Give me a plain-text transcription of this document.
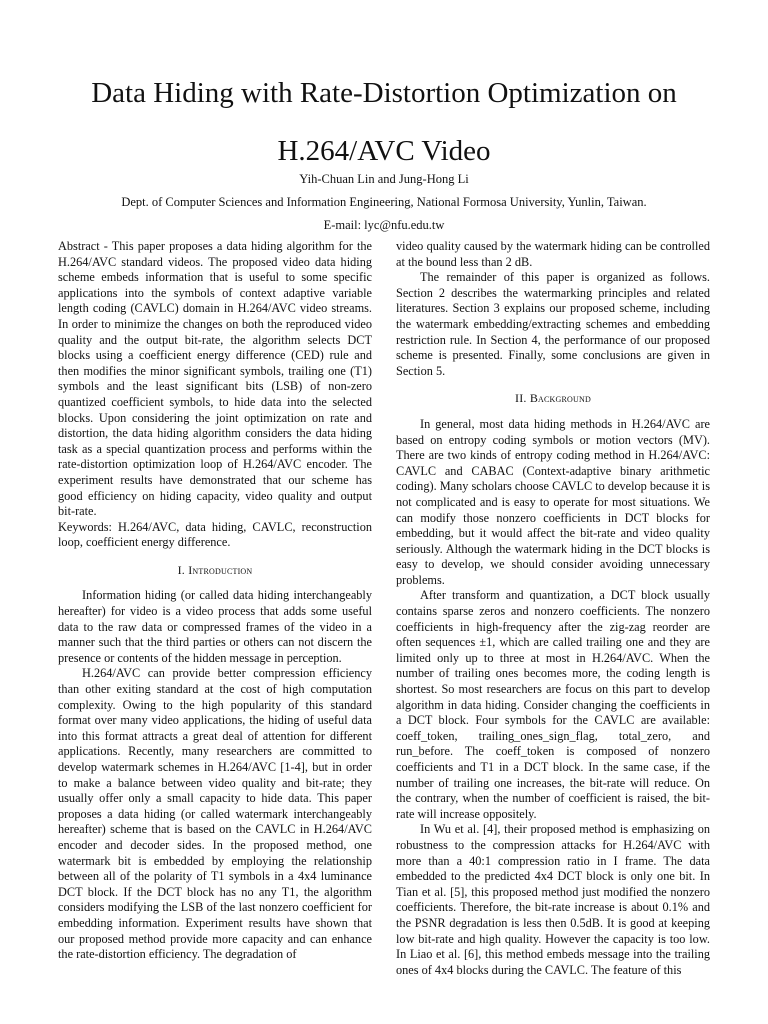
Data Hiding with Rate-Distortion Optimization on
H.264/AVC Video
Yih-Chuan Lin and Jung-Hong Li
Dept. of Computer Sciences and Information Engineering, National Formosa University, Yunlin, Taiwan.
E-mail: lyc@nfu.edu.tw

Abstract - This paper proposes a data hiding algorithm for the H.264/AVC standard videos. The proposed video data hiding scheme embeds information that is useful to some specific applications into the symbols of context adaptive variable length coding (CAVLC) domain in H.264/AVC video streams. In order to minimize the changes on both the reproduced video quality and the output bit-rate, the algorithm selects DCT blocks using a coefficient energy difference (CED) rule and then modifies the minor significant symbols, trailing one (T1) symbols and the least significant bits (LSB) of non-zero quantized coefficient symbols, to hide data into the selected blocks. Upon considering the joint optimization on rate and distortion, the data hiding algorithm considers the data hiding task as a special quantization process and performs within the rate-distortion optimization loop of H.264/AVC encoder. The experiment results have demonstrated that our scheme has good efficiency on hiding capacity, video quality and output bit-rate.

Keywords: H.264/AVC, data hiding, CAVLC, reconstruction loop, coefficient energy difference.

I. Introduction

Information hiding (or called data hiding interchangeably hereafter) for video is a video process that adds some useful data to the raw data or compressed frames of the video in a manner such that the third parties or others can not discern the presence or contents of the hidden message in perception.

H.264/AVC can provide better compression efficiency than other exiting standard at the cost of high computation complexity. Owing to the high popularity of this standard format over many video applications, the hiding of useful data into this format attracts a great deal of attention for different applications. Recently, many researchers are committed to develop watermark schemes in H.264/AVC [1-4], but in order to make a balance between video quality and bit-rate; they usually offer only a small capacity to hide data. This paper proposes a data hiding (or called watermark interchangeably hereafter) scheme that is based on the CAVLC in H.264/AVC encoder and decoder sides. In the proposed method, one watermark bit is embedded by employing the relationship between all of the polarity of T1 symbols in a 4x4 luminance DCT block. If the DCT block has no any T1, the algorithm considers modifying the LSB of the last nonzero coefficient for embedding information. Experiment results have shown that our proposed method provide more capacity and can enhance the rate-distortion efficiency. The degradation of

video quality caused by the watermark hiding can be controlled at the bound less than 2 dB.

The remainder of this paper is organized as follows. Section 2 describes the watermarking principles and related literatures. Section 3 explains our proposed scheme, including the watermark embedding/extracting schemes and embedding restriction rule. In Section 4, the performance of our proposed scheme is presented. Finally, some conclusions are given in Section 5.

II. Background

In general, most data hiding methods in H.264/AVC are based on entropy coding symbols or motion vectors (MV). There are two kinds of entropy coding method in H.264/AVC: CAVLC and CABAC (Context-adaptive binary arithmetic coding). Many scholars choose CAVLC to develop because it is not complicated and is easy to operate for most situations. We can modify those nonzero coefficients in DCT blocks for embedding, but it would affect the bit-rate and video quality seriously. Although the watermark hiding in the DCT blocks is easy to develop, we should consider avoiding unnecessary problems.

After transform and quantization, a DCT block usually contains sparse zeros and nonzero coefficients. The nonzero coefficients in high-frequency after the zig-zag reorder are often sequences ±1, which are called trailing one and they are limited only up to three at most in H.264/AVC. When the number of trailing ones becomes more, the coding length is shortest. So most researchers are focus on this part to develop algorithm in data hiding. Consider changing the coefficients in a DCT block. Four symbols for the CAVLC are available: coeff_token, trailing_ones_sign_flag, total_zero, and run_before. The coeff_token is composed of nonzero coefficients and T1 in a DCT block. In the same case, if the number of trailing one increases, the bit-rate will reduce. On the contrary, when the number of coefficient is raised, the bit-rate will increase oppositely.

In Wu et al. [4], their proposed method is emphasizing on robustness to the compression attacks for H.264/AVC with more than a 40:1 compression ratio in I frame. The data embedded to the predicted 4x4 DCT block is only one bit. In Tian et al. [5], this proposed method just modified the nonzero coefficients. Therefore, the bit-rate increase is about 0.1% and the PSNR degradation is less then 0.5dB. It is good at keeping low bit-rate and high quality. However the capacity is too low. In Liao et al. [6], this method embeds message into the trailing ones of 4x4 blocks during the CAVLC. The feature of this
